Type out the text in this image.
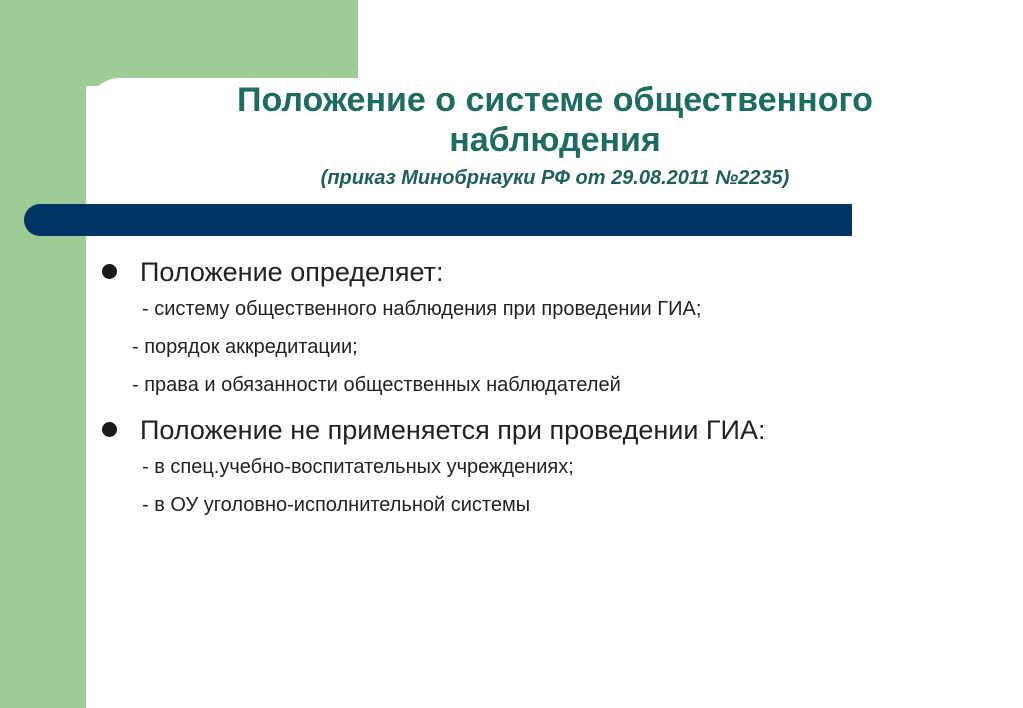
Положение о системе общественного
наблюдения
(приказ Минобрнауки РФ от 29.08.2011 №2235)
Положение определяет:
- систему общественного наблюдения при проведении ГИА;
- порядок аккредитации;
- права и обязанности общественных наблюдателей
Положение не применяется при проведении ГИА:
- в спец.учебно-воспитательных учреждениях;
- в ОУ уголовно-исполнительной системы
